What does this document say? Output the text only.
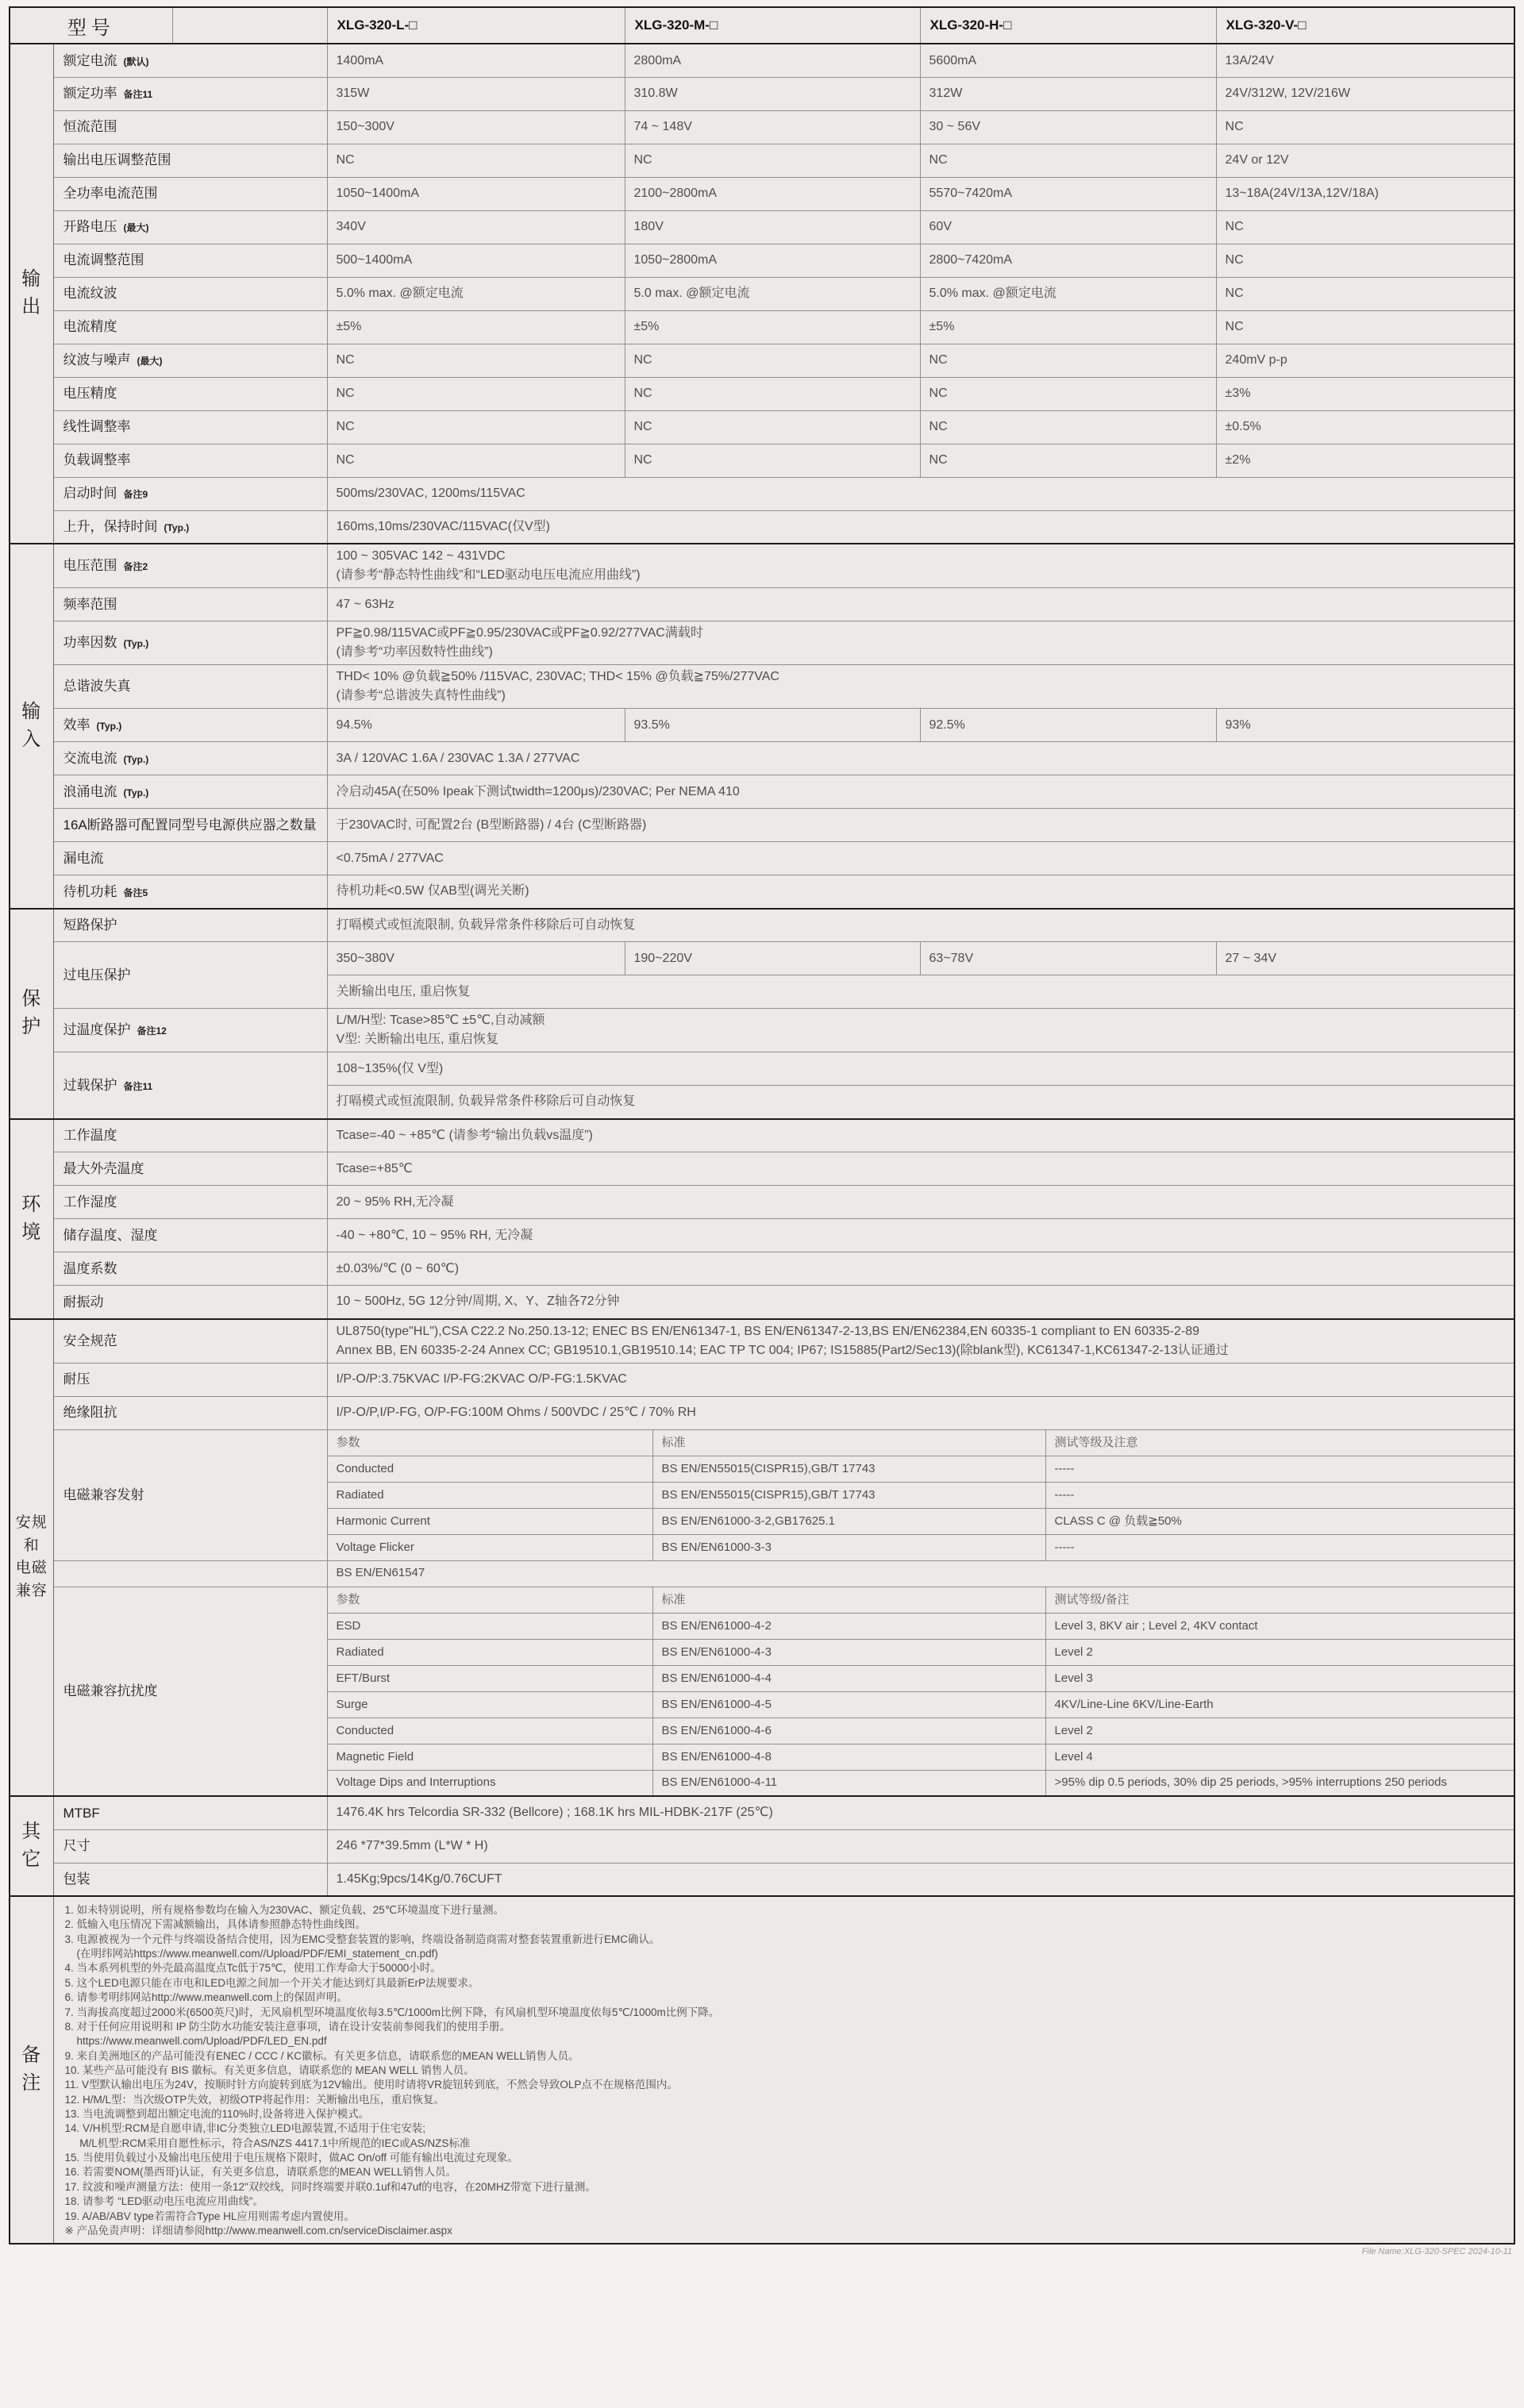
型号			XLG-320-L-□	XLG-320-M-□		XLG-320-H-□		XLG-320-V-□

输
出	额定电流 (默认)		1400mA	2800mA		5600mA		13A/24V
	额定功率 备注11		315W	310.8W		312W		24V/312W, 12V/216W
	恒流范围		150~300V	74 ~ 148V		30 ~ 56V		NC
	输出电压调整范围		NC	NC		NC		24V or 12V
	全功率电流范围		1050~1400mA	2100~2800mA		5570~7420mA		13~18A(24V/13A,12V/18A)
	开路电压 (最大)		340V	180V		60V		NC
	电流调整范围		500~1400mA	1050~2800mA		2800~7420mA		NC
	电流纹波		5.0% max. @额定电流	5.0 max. @额定电流		5.0% max. @额定电流		NC
	电流精度		±5%	±5%		±5%		NC
	纹波与噪声 (最大)		NC	NC		NC		240mV p-p
	电压精度		NC	NC		NC		±3%
	线性调整率		NC	NC		NC		±0.5%
	负载调整率		NC	NC		NC		±2%
	启动时间 备注9		500ms/230VAC, 1200ms/115VAC					

	上升，保持时间 (Typ.)		160ms,10ms/230VAC/115VAC(仅V型)					

输
入
	电压范围 备注2	
100 ~ 305VAC 142 ~ 431VDC
(请参考“静态特性曲线”和“LED驱动电压电流应用曲线”)

	频率范围		47 ~ 63Hz					

	功率因数 (Typ.)		PF≧0.98/115VAC或PF≧0.95/230VAC或PF≧0.92/277VAC满载时
(请参考“功率因数特性曲线”)					

	总谐波失真		THD< 10% @负载≧50% /115VAC, 230VAC; THD< 15% @负载≧75%/277VAC
(请参考“总谐波失真特性曲线”)					

	效率 (Typ.)		94.5%	93.5%		92.5%		93%
	交流电流 (Typ.)		3A / 120VAC 1.6A / 230VAC 1.3A / 277VAC					

	浪涌电流 (Typ.)		冷启动45A(在50% Ipeak下测试twidth=1200μs)/230VAC; Per NEMA 410					

	16A断路器可配置同型号电源供应器之数量		于230VAC时, 可配置2台 (B型断路器) / 4台 (C型断路器)					

	漏电流		<0.75mA / 277VAC					

	待机功耗 备注5		待机功耗<0.5W 仅AB型(调光关断)					

保
护	短路保护		打嗝模式或恒流限制, 负载异常条件移除后可自动恢复					

	过电压保护		350~380V	190~220V		63~78V		27 ~ 34V

			关断输出电压, 重启恢复					

	过温度保护 备注12		L/M/H型: Tcase>85℃ ±5℃,自动减额
V型: 关断输出电压, 重启恢复					

	过载保护 备注11		108~135%(仅 V型)					

			打嗝模式或恒流限制, 负载异常条件移除后可自动恢复					

环
境	工作温度		Tcase=-40 ~ +85℃ (请参考“输出负载vs温度”)					

	最大外壳温度		Tcase=+85℃					

	工作湿度		20 ~ 95% RH,无冷凝					

	储存温度、湿度		-40 ~ +80℃, 10 ~ 95% RH, 无冷凝					

	温度系数		±0.03%/℃ (0 ~ 60℃)					

	耐振动		10 ~ 500Hz, 5G 12分钟/周期, X、Y、Z轴各72分钟					

安规
和
电磁
兼容
	安全规范	
UL8750(type"HL"),CSA C22.2 No.250.13-12; ENEC BS EN/EN61347-1, BS EN/EN61347-2-13,BS EN/EN62384,EN 60335-1 compliant to EN 60335-2-89
Annex BB, EN 60335-2-24 Annex CC; GB19510.1,GB19510.14; EAC TP TC 004; IP67; IS15885(Part2/Sec13)(除blank型), KC61347-1,KC61347-2-13认证通过

	耐压		I/P-O/P:3.75KVAC I/P-FG:2KVAC O/P-FG:1.5KVAC					

	绝缘阻抗		I/P-O/P,I/P-FG, O/P-FG:100M Ohms / 500VDC / 25℃ / 70% RH					

	电磁兼容发射		参数		标准		测试等级及注意	
			Conducted		BS EN/EN55015(CISPR15),GB/T 17743		-----	
			Radiated		BS EN/EN55015(CISPR15),GB/T 17743		-----	
			Harmonic Current		BS EN/EN61000-3-2,GB17625.1		CLASS C @ 负载≧50%	
			Voltage Flicker		BS EN/EN61000-3-3		-----	

			BS EN/EN61547					

	电磁兼容抗扰度		参数		标准		测试等级/备注	
			ESD		BS EN/EN61000-4-2		Level 3, 8KV air ; Level 2, 4KV contact	
			Radiated		BS EN/EN61000-4-3		Level 2	
			EFT/Burst		BS EN/EN61000-4-4		Level 3	
			Surge		BS EN/EN61000-4-5		4KV/Line-Line 6KV/Line-Earth	
			Conducted		BS EN/EN61000-4-6		Level 2	
			Magnetic Field		BS EN/EN61000-4-8		Level 4	
			Voltage Dips and Interruptions		BS EN/EN61000-4-11		>95% dip 0.5 periods, 30% dip 25 periods, >95% interruptions 250 periods	

其
它	MTBF		1476.4K hrs Telcordia SR-332 (Bellcore) ; 168.1K hrs MIL-HDBK-217F (25℃)					

	尺寸		246 *77*39.5mm (L*W * H)					

	包装		1.45Kg;9pcs/14Kg/0.76CUFT					

备
注

1. 如未特别说明，所有规格参数均在输入为230VAC、额定负载、25℃环境温度下进行量测。
2. 低输入电压情况下需减额输出，具体请参照静态特性曲线图。
3. 电源被视为一个元件与终端设备结合使用，因为EMC受整套装置的影响，终端设备制造商需对整套装置重新进行EMC确认。
(在明纬网站https://www.meanwell.com//Upload/PDF/EMI_statement_cn.pdf)
4. 当本系列机型的外壳最高温度点Tc低于75℃，使用工作寿命大于50000小时。
5. 这个LED电源只能在市电和LED电源之间加一个开关才能达到灯具最新ErP法规要求。
6. 请参考明纬网站http://www.meanwell.com上的保固声明。
7. 当海拔高度超过2000米(6500英尺)时，无风扇机型环境温度依每3.5℃/1000m比例下降，有风扇机型环境温度依每5℃/1000m比例下降。
8. 对于任何应用说明和 IP 防尘防水功能安装注意事项，请在设计安装前参阅我们的使用手册。
https://www.meanwell.com/Upload/PDF/LED_EN.pdf
9. 来自美洲地区的产品可能没有ENEC / CCC / KC徽标。有关更多信息，请联系您的MEAN WELL销售人员。
10. 某些产品可能没有 BIS 徽标。有关更多信息，请联系您的 MEAN WELL 销售人员。
11. V型默认输出电压为24V，按顺时针方向旋转到底为12V输出。使用时请将VR旋钮转到底，不然会导致OLP点不在规格范围内。
12. H/M/L型：当次级OTP失效，初级OTP将起作用：关断输出电压，重启恢复。
13. 当电流调整到超出额定电流的110%时,设备将进入保护模式。
14. V/H机型:RCM是自愿申请,非IC分类独立LED电源装置,不适用于住宅安装;
M/L机型:RCM采用自愿性标示，符合AS/NZS 4417.1中所规范的IEC或AS/NZS标准
15. 当使用负载过小及输出电压使用于电压规格下限时，做AC On/off 可能有输出电流过充现象。
16. 若需要NOM(墨西哥)认证，有关更多信息，请联系您的MEAN WELL销售人员。
17. 纹波和噪声测量方法：使用一条12"双绞线，同时终端要并联0.1uf和47uf的电容，在20MHZ带宽下进行量测。
18. 请参考 “LED驱动电压电流应用曲线”。
19. A/AB/ABV type若需符合Type HL应用则需考虑内置使用。
※ 产品免责声明：详细请参阅http://www.meanwell.com.cn/serviceDisclaimer.aspx
File Name:XLG-320-SPEC 2024-10-11
